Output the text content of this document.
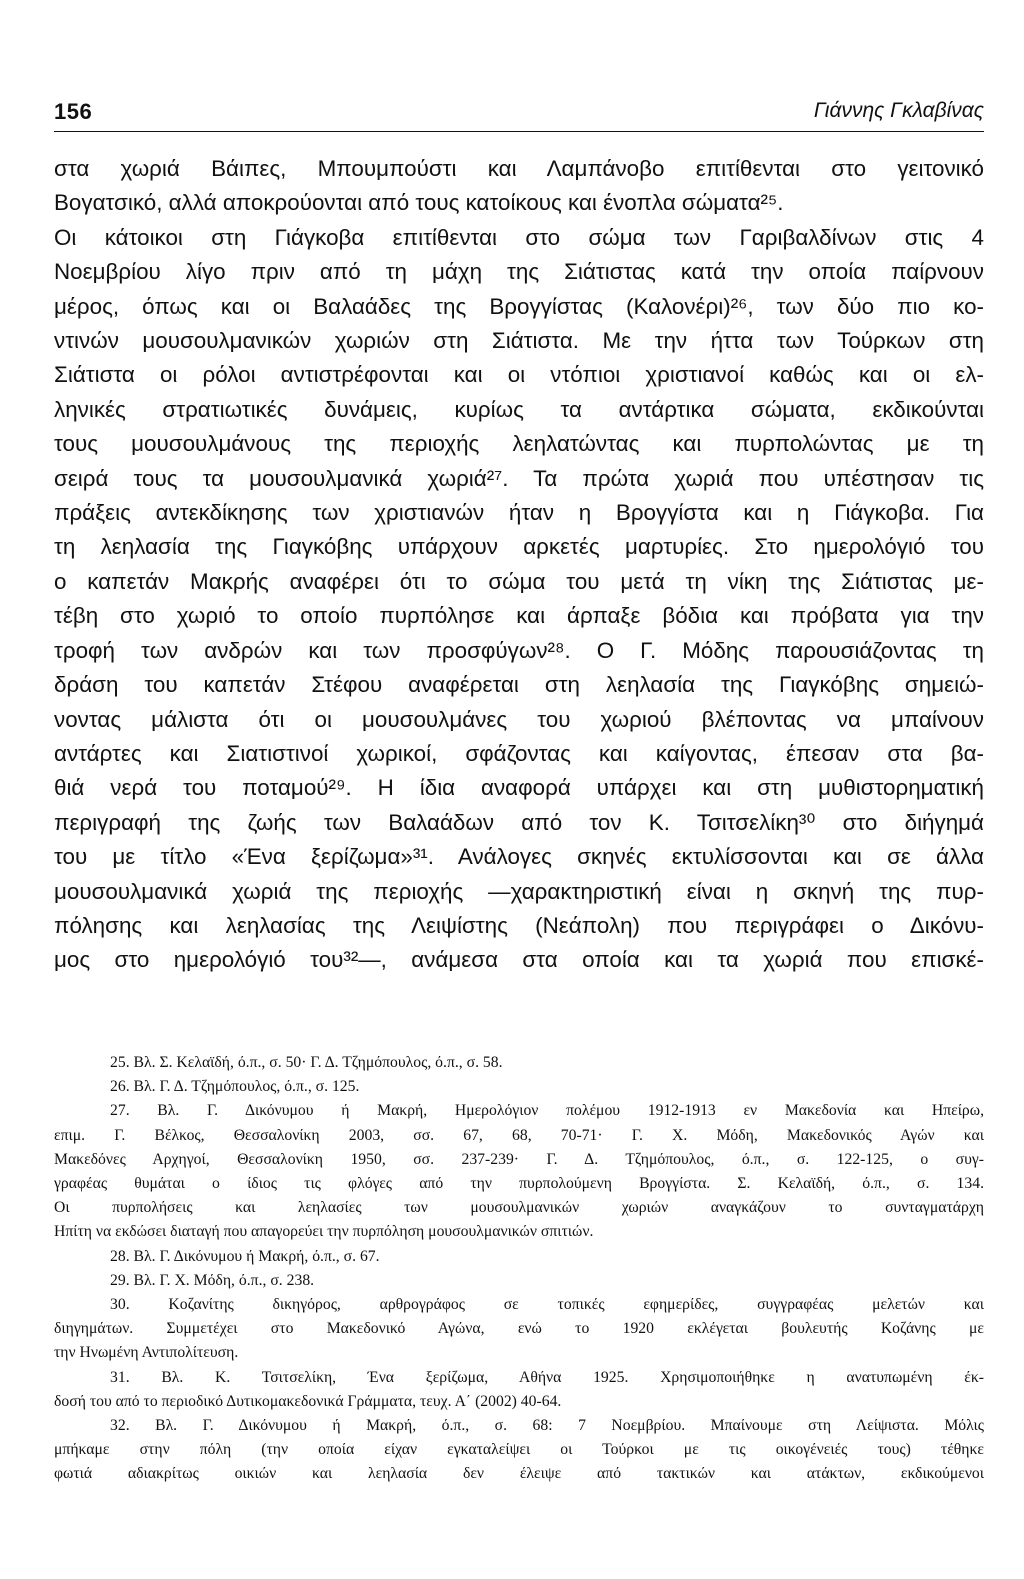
156	Γιάννης Γκλαβίνας
στα χωριά Βάιπες, Μπουμπούστι και Λαμπάνοβο επιτίθενται στο γειτονικό
Βογατσικό, αλλά αποκρούονται από τους κατοίκους και ένοπλα σώματα²⁵.
Οι κάτοικοι στη Γιάγκοβα επιτίθενται στο σώμα των Γαριβαλδίνων στις 4
Νοεμβρίου λίγο πριν από τη μάχη της Σιάτιστας κατά την οποία παίρνουν
μέρος, όπως και οι Βαλαάδες της Βρογγίστας (Καλονέρι)²⁶, των δύο πιο κο-
ντινών μουσουλμανικών χωριών στη Σιάτιστα. Με την ήττα των Τούρκων στη
Σιάτιστα οι ρόλοι αντιστρέφονται και οι ντόπιοι χριστιανοί καθώς και οι ελ-
ληνικές στρατιωτικές δυνάμεις, κυρίως τα αντάρτικα σώματα, εκδικούνται
τους μουσουλμάνους της περιοχής λεηλατώντας και πυρπολώντας με τη
σειρά τους τα μουσουλμανικά χωριά²⁷. Τα πρώτα χωριά που υπέστησαν τις
πράξεις αντεκδίκησης των χριστιανών ήταν η Βρογγίστα και η Γιάγκοβα. Για
τη λεηλασία της Γιαγκόβης υπάρχουν αρκετές μαρτυρίες. Στο ημερολόγιό του
ο καπετάν Μακρής αναφέρει ότι το σώμα του μετά τη νίκη της Σιάτιστας με-
τέβη στο χωριό το οποίο πυρπόλησε και άρπαξε βόδια και πρόβατα για την
τροφή των ανδρών και των προσφύγων²⁸. Ο Γ. Μόδης παρουσιάζοντας τη
δράση του καπετάν Στέφου αναφέρεται στη λεηλασία της Γιαγκόβης σημειώ-
νοντας μάλιστα ότι οι μουσουλμάνες του χωριού βλέποντας να μπαίνουν
αντάρτες και Σιατιστινοί χωρικοί, σφάζοντας και καίγοντας, έπεσαν στα βα-
θιά νερά του ποταμού²⁹. Η ίδια αναφορά υπάρχει και στη μυθιστορηματική
περιγραφή της ζωής των Βαλαάδων από τον Κ. Τσιτσελίκη³⁰ στο διήγημά
του με τίτλο «Ένα ξερίζωμα»³¹. Ανάλογες σκηνές εκτυλίσσονται και σε άλλα
μουσουλμανικά χωριά της περιοχής —χαρακτηριστική είναι η σκηνή της πυρ-
πόλησης και λεηλασίας της Λειψίστης (Νεάπολη) που περιγράφει ο Δικόνυ-
μος στο ημερολόγιό του³²—, ανάμεσα στα οποία και τα χωριά που επισκέ-
25. Βλ. Σ. Κελαϊδή, ό.π., σ. 50· Γ. Δ. Τζημόπουλος, ό.π., σ. 58.
26. Βλ. Γ. Δ. Τζημόπουλος, ό.π., σ. 125.
27. Βλ. Γ. Δικόνυμου ή Μακρή, Ημερολόγιον πολέμου 1912-1913 εν Μακεδονία και Ηπείρω,
επιμ. Γ. Βέλκος, Θεσσαλονίκη 2003, σσ. 67, 68, 70-71· Γ. Χ. Μόδη, Μακεδονικός Αγών και
Μακεδόνες Αρχηγοί, Θεσσαλονίκη 1950, σσ. 237-239· Γ. Δ. Τζημόπουλος, ό.π., σ. 122-125, ο συγ-
γραφέας θυμάται ο ίδιος τις φλόγες από την πυρπολούμενη Βρογγίστα. Σ. Κελαϊδή, ό.π., σ. 134.
Οι πυρπολήσεις και λεηλασίες των μουσουλμανικών χωριών αναγκάζουν το συνταγματάρχη
Ηπίτη να εκδώσει διαταγή που απαγορεύει την πυρπόληση μουσουλμανικών σπιτιών.
28. Βλ. Γ. Δικόνυμου ή Μακρή, ό.π., σ. 67.
29. Βλ. Γ. Χ. Μόδη, ό.π., σ. 238.
30. Κοζανίτης δικηγόρος, αρθρογράφος σε τοπικές εφημερίδες, συγγραφέας μελετών και
διηγημάτων. Συμμετέχει στο Μακεδονικό Αγώνα, ενώ το 1920 εκλέγεται βουλευτής Κοζάνης με
την Ηνωμένη Αντιπολίτευση.
31. Βλ. Κ. Τσιτσελίκη, Ένα ξερίζωμα, Αθήνα 1925. Χρησιμοποιήθηκε η ανατυπωμένη έκ-
δοσή του από το περιοδικό Δυτικομακεδονικά Γράμματα, τευχ. Α΄ (2002) 40-64.
32. Βλ. Γ. Δικόνυμου ή Μακρή, ό.π., σ. 68: 7 Νοεμβρίου. Μπαίνουμε στη Λείψιστα. Μόλις
μπήκαμε στην πόλη (την οποία είχαν εγκαταλείψει οι Τούρκοι με τις οικογένειές τους) τέθηκε
φωτιά αδιακρίτως οικιών και λεηλασία δεν έλειψε από τακτικών και ατάκτων, εκδικούμενοι
